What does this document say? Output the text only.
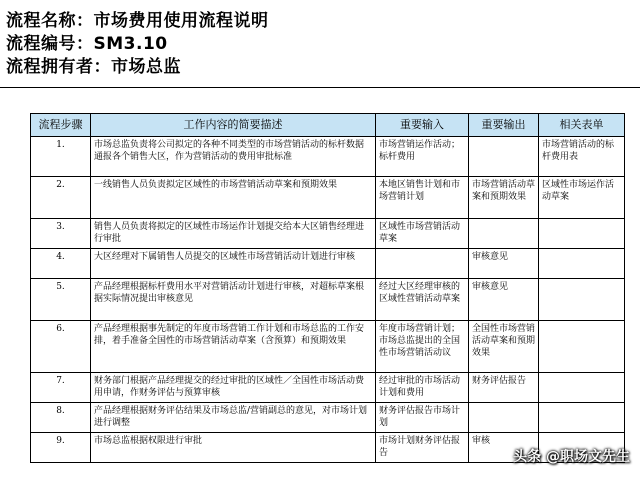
流程名称：市场费用使用流程说明
流程编号：SM3.10
流程拥有者：市场总监
流程步骤	工作内容的简要描述	重要输入	重要输出	相关表单
1.	市场总监负责将公司拟定的各种不同类型的市场营销活动的标杆数据通报各个销售大区，作为营销活动的费用审批标准	市场营销运作活动；标杆费用		市场营销活动的标杆费用表
2.	一线销售人员负责拟定区域性的市场营销活动草案和预期效果	本地区销售计划和市场营销计划	市场营销活动草案和预期效果	区域性市场运作活动草案
3.	销售人员负责将拟定的区域性市场运作计划提交给本大区销售经理进行审批	区域性市场营销活动草案		
4.	大区经理对下属销售人员提交的区域性市场营销活动计划进行审核		审核意见	
5.	产品经理根据标杆费用水平对营销活动计划进行审核，对超标草案根据实际情况提出审核意见	经过大区经理审核的区域性营销活动草案	审核意见	
6.	产品经理根据事先制定的年度市场营销工作计划和市场总监的工作安排，着手准备全国性的市场营销活动草案（含预算）和预期效果	年度市场营销计划；市场总监提出的全国性市场营销活动议	全国性市场营销活动草案和预期效果	
7.	财务部门根据产品经理提交的经过审批的区域性／全国性市场活动费用申请，作财务评估与预算审核	经过审批的市场活动计划和费用	财务评估报告	
8.	产品经理根据财务评估结果及市场总监/营销副总的意见，对市场计划进行调整	财务评估报告市场计划		
9.	市场总监根据权限进行审批	市场计划财务评估报告	审核	
头条 @职场文先生
